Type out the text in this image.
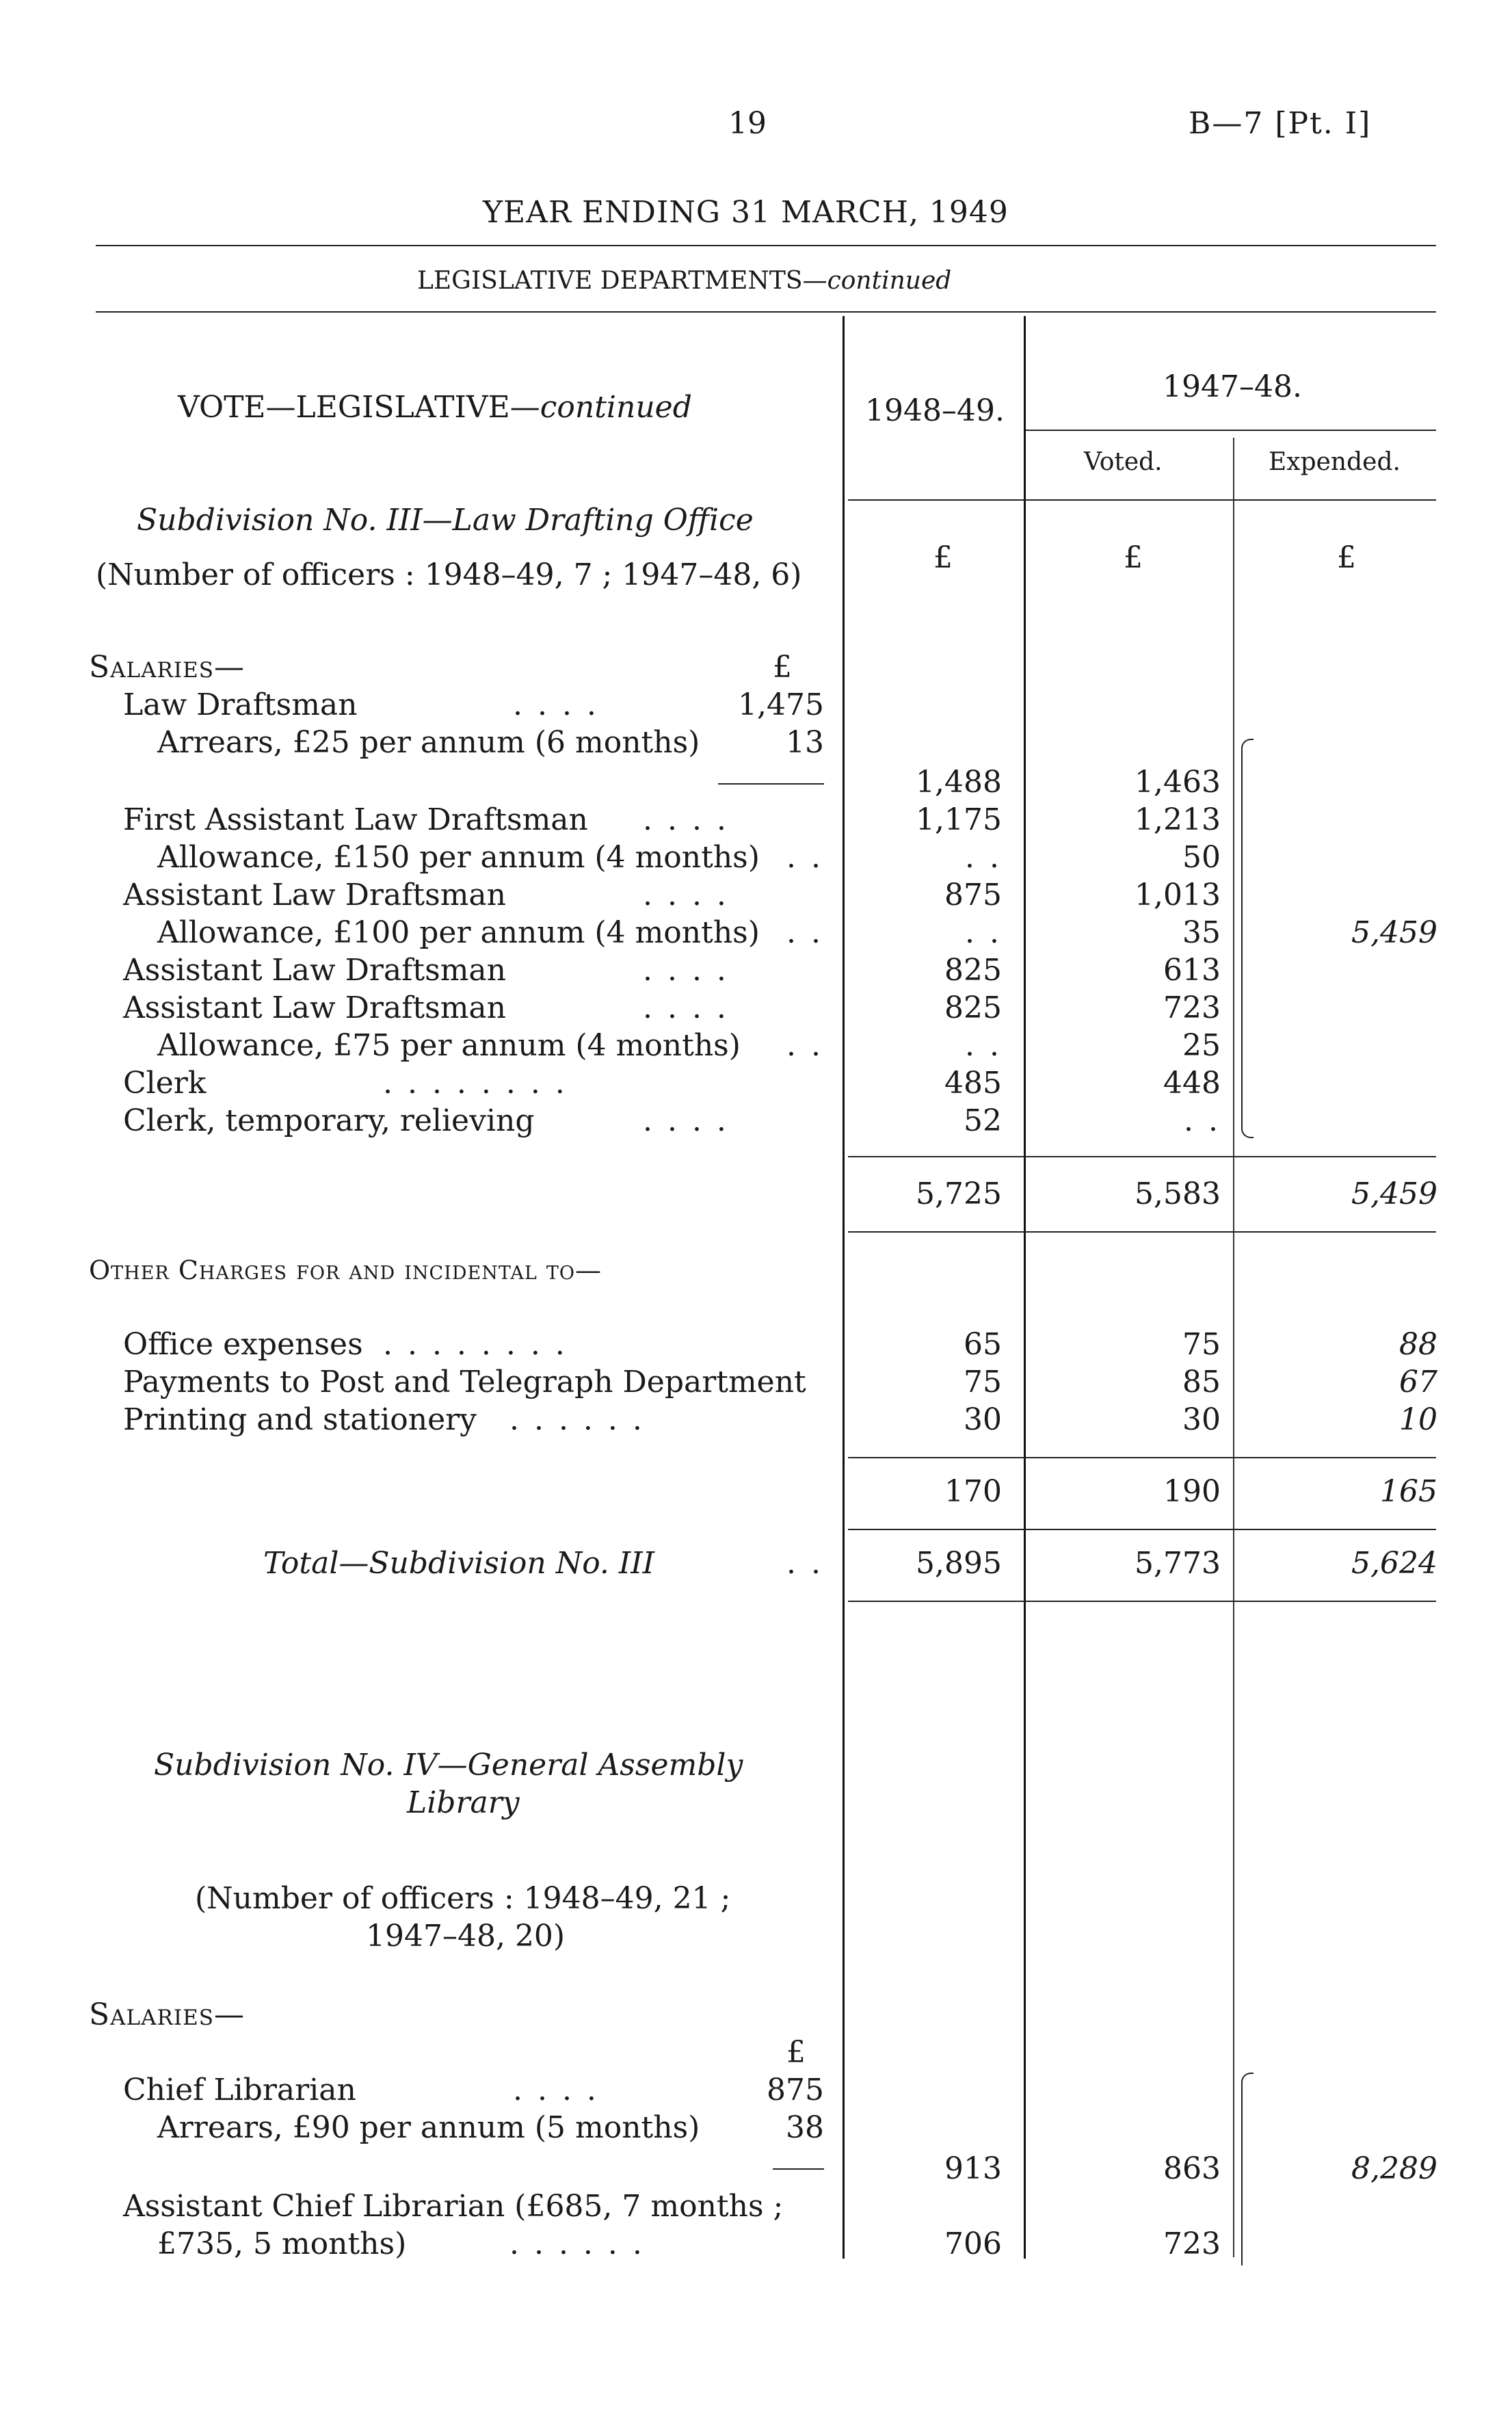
19	B—7 [Pt. I]
YEAR ENDING 31 MARCH, 1949
LEGISLATIVE DEPARTMENTS—continued
VOTE—LEGISLATIVE—continued	1948–49.
1947–48.
Voted.	Expended.
Subdivision No. III—Law Drafting Office
(Number of officers : 1948–49, 7 ; 1947–48, 6)	£	£	£
Salaries—	£
Law Draftsman	. . . .	1,475
Arrears, £25 per annum (6 months)	13
1,488	1,463
First Assistant Law Draftsman . . . .	1,175	1,213
Allowance, £150 per annum (4 months) . .	. .	50
Assistant Law Draftsman	. . . .	875	1,013
Allowance, £100 per annum (4 months) . .	. .	35	5,459
Assistant Law Draftsman	. . . .	825	613
Assistant Law Draftsman	. . . .	825	723
Allowance, £75 per annum (4 months) . .	. .	25
Clerk	. . . . . . . .	485	448
Clerk, temporary, relieving	. . . .	52	. .
5,725	5,583	5,459
Other Charges for and incidental to—
Office expenses . . . . . . . .	65	75	88
Payments to Post and Telegraph Department	75	85	67
Printing and stationery . . . . . .	30	30	10
170	190	165
Total—Subdivision No. III	. .	5,895	5,773	5,624
Subdivision No. IV—General Assembly
Library
(Number of officers : 1948–49, 21 ;
1947–48, 20)
Salaries—
£
Chief Librarian	. . . .	875
Arrears, £90 per annum (5 months)	38
913	863	8,289
Assistant Chief Librarian (£685, 7 months ;
£735, 5 months)	. . . . . .	706	723
